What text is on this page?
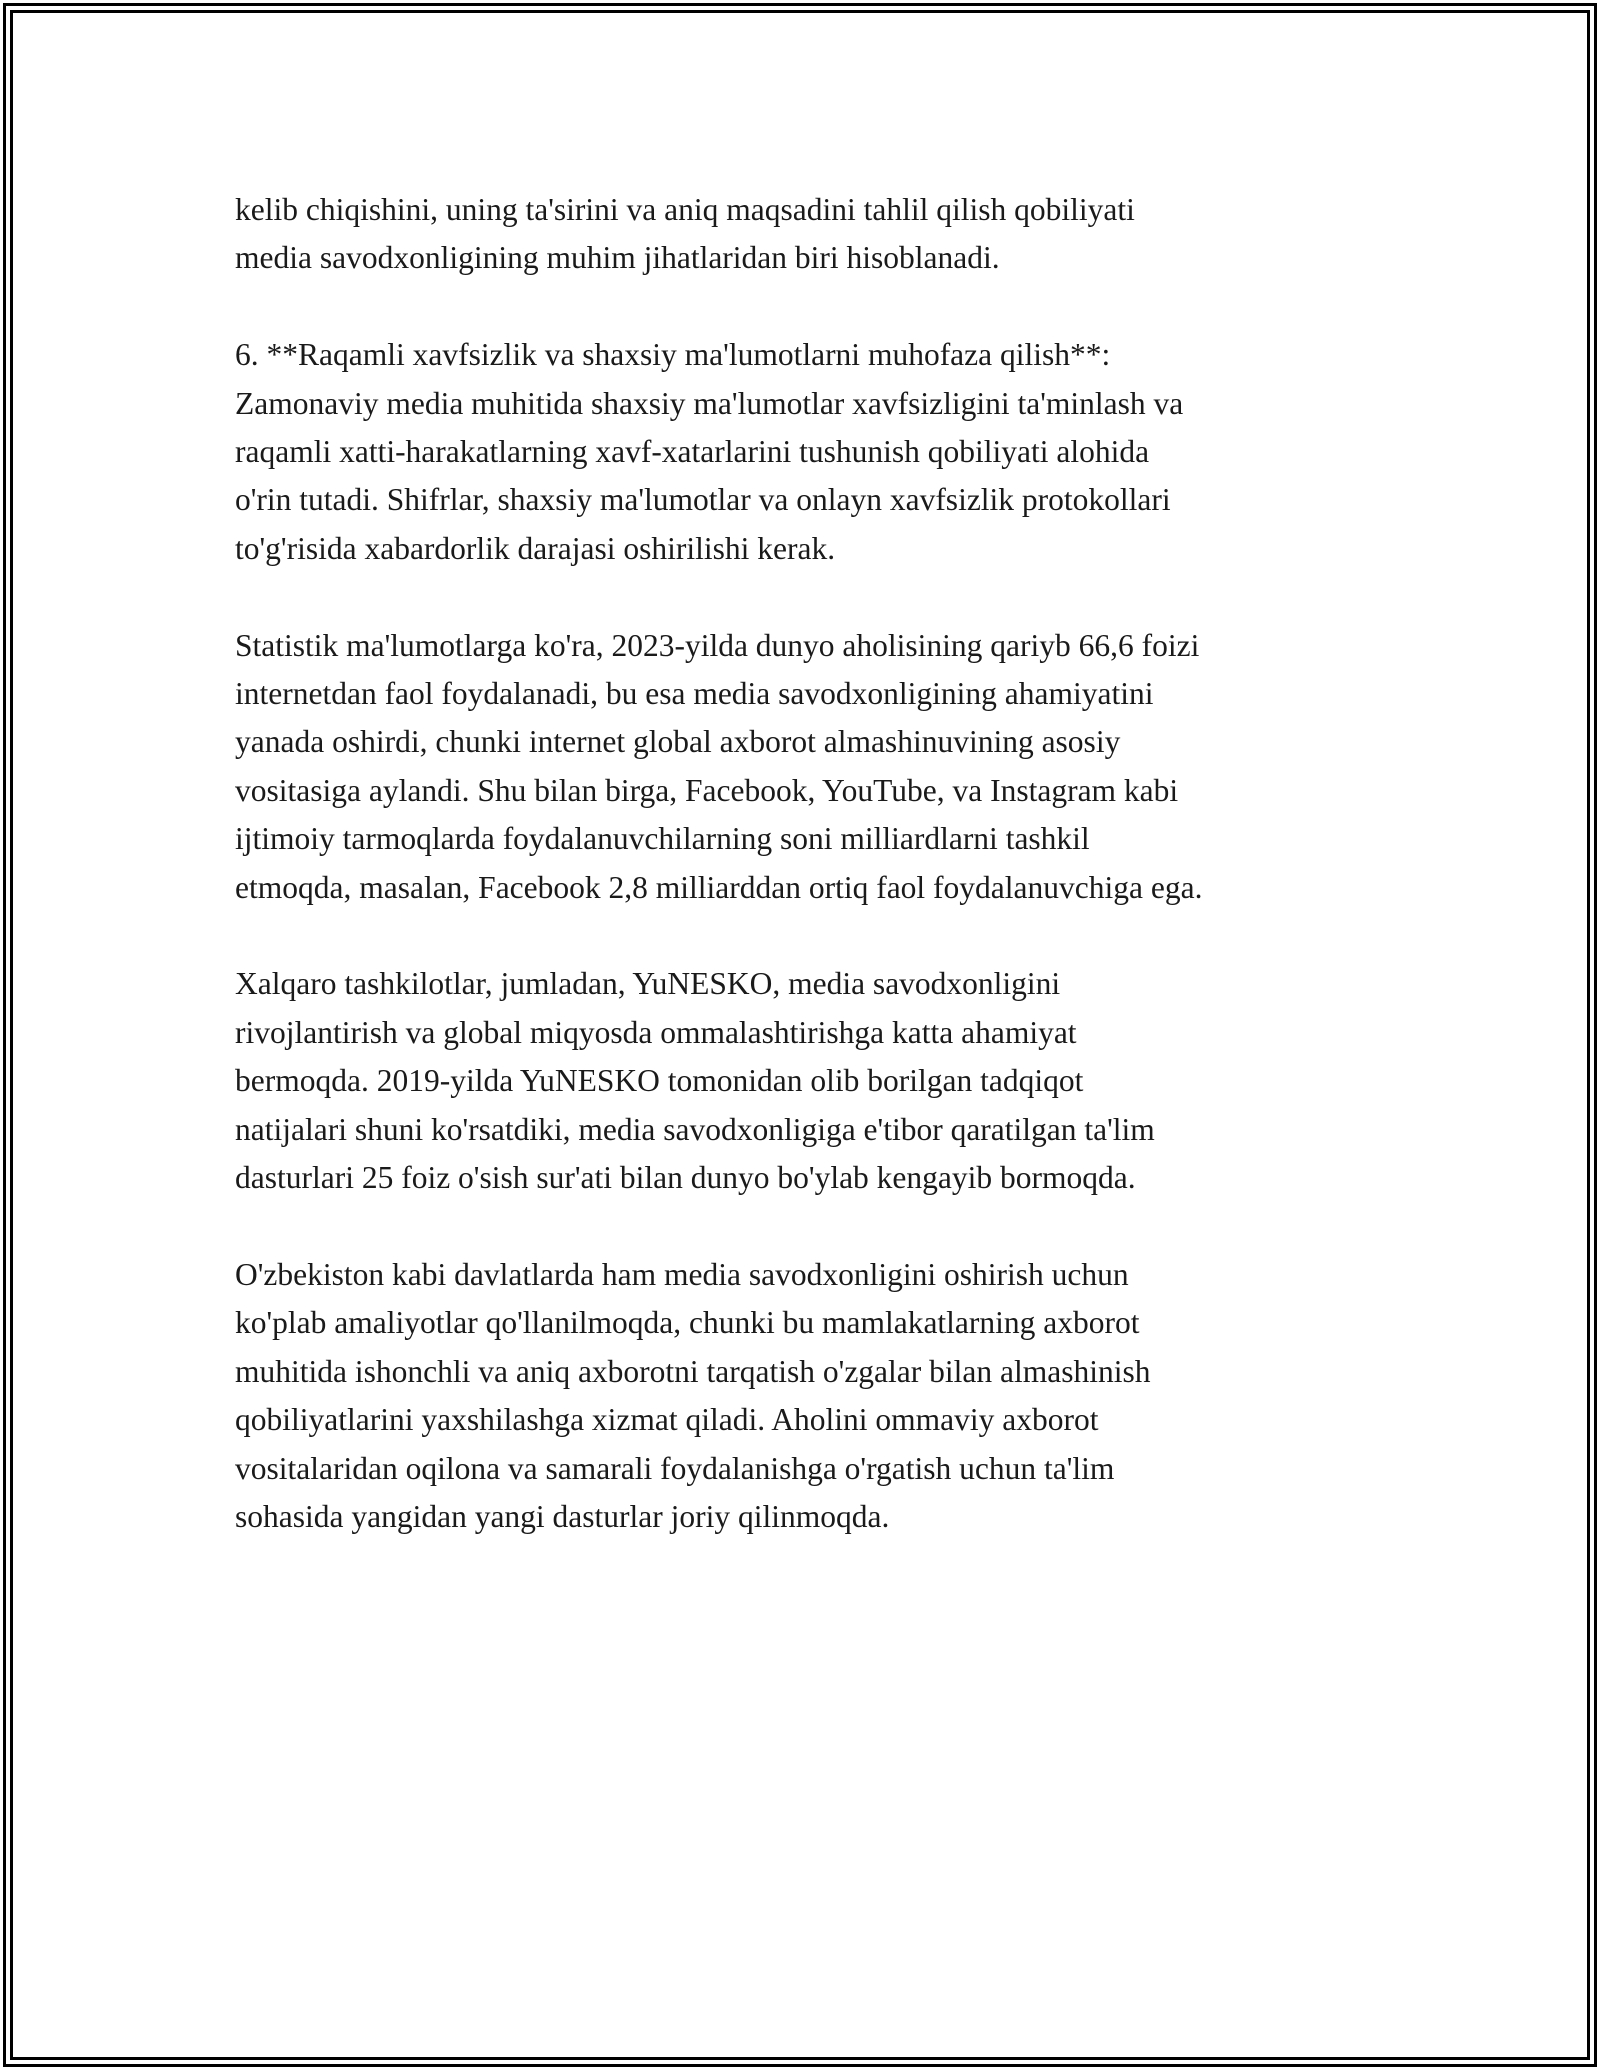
kelib chiqishini, uning ta'sirini va aniq maqsadini tahlil qilish qobiliyati
media savodxonligining muhim jihatlaridan biri hisoblanadi.

6. **Raqamli xavfsizlik va shaxsiy ma'lumotlarni muhofaza qilish**:
Zamonaviy media muhitida shaxsiy ma'lumotlar xavfsizligini ta'minlash va
raqamli xatti-harakatlarning xavf-xatarlarini tushunish qobiliyati alohida
o'rin tutadi. Shifrlar, shaxsiy ma'lumotlar va onlayn xavfsizlik protokollari
to'g'risida xabardorlik darajasi oshirilishi kerak.

Statistik ma'lumotlarga ko'ra, 2023-yilda dunyo aholisining qariyb 66,6 foizi
internetdan faol foydalanadi, bu esa media savodxonligining ahamiyatini
yanada oshirdi, chunki internet global axborot almashinuvining asosiy
vositasiga aylandi. Shu bilan birga, Facebook, YouTube, va Instagram kabi
ijtimoiy tarmoqlarda foydalanuvchilarning soni milliardlarni tashkil
etmoqda, masalan, Facebook 2,8 milliarddan ortiq faol foydalanuvchiga ega.

Xalqaro tashkilotlar, jumladan, YuNESKO, media savodxonligini
rivojlantirish va global miqyosda ommalashtirishga katta ahamiyat
bermoqda. 2019-yilda YuNESKO tomonidan olib borilgan tadqiqot
natijalari shuni ko'rsatdiki, media savodxonligiga e'tibor qaratilgan ta'lim
dasturlari 25 foiz o'sish sur'ati bilan dunyo bo'ylab kengayib bormoqda.

O'zbekiston kabi davlatlarda ham media savodxonligini oshirish uchun
ko'plab amaliyotlar qo'llanilmoqda, chunki bu mamlakatlarning axborot
muhitida ishonchli va aniq axborotni tarqatish o'zgalar bilan almashinish
qobiliyatlarini yaxshilashga xizmat qiladi. Aholini ommaviy axborot
vositalaridan oqilona va samarali foydalanishga o'rgatish uchun ta'lim
sohasida yangidan yangi dasturlar joriy qilinmoqda.
